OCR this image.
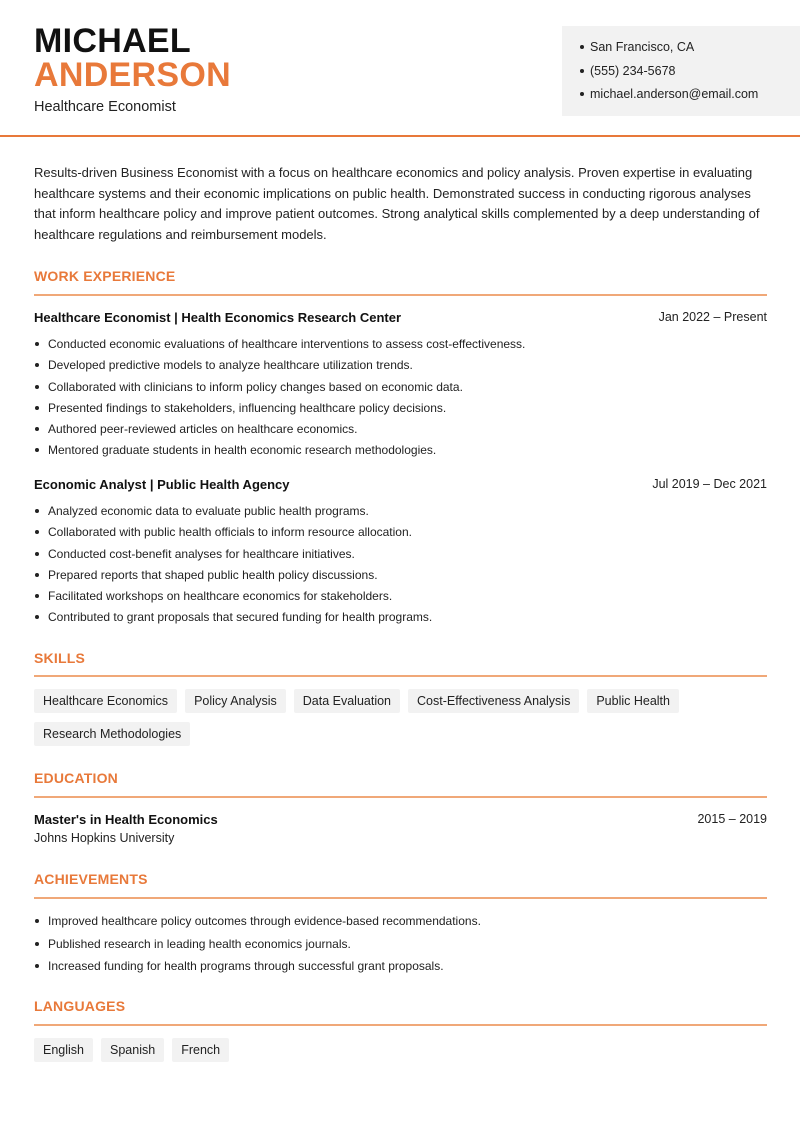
MICHAEL
ANDERSON
Healthcare Economist
San Francisco, CA
(555) 234-5678
michael.anderson@email.com

Results-driven Business Economist with a focus on healthcare economics and policy analysis. Proven expertise in evaluating healthcare systems and their economic implications on public health. Demonstrated success in conducting rigorous analyses that inform healthcare policy and improve patient outcomes. Strong analytical skills complemented by a deep understanding of healthcare regulations and reimbursement models.

WORK EXPERIENCE
Healthcare Economist | Health Economics Research Center	Jan 2022 – Present
Conducted economic evaluations of healthcare interventions to assess cost-effectiveness.
Developed predictive models to analyze healthcare utilization trends.
Collaborated with clinicians to inform policy changes based on economic data.
Presented findings to stakeholders, influencing healthcare policy decisions.
Authored peer-reviewed articles on healthcare economics.
Mentored graduate students in health economic research methodologies.
Economic Analyst | Public Health Agency	Jul 2019 – Dec 2021
Analyzed economic data to evaluate public health programs.
Collaborated with public health officials to inform resource allocation.
Conducted cost-benefit analyses for healthcare initiatives.
Prepared reports that shaped public health policy discussions.
Facilitated workshops on healthcare economics for stakeholders.
Contributed to grant proposals that secured funding for health programs.
SKILLS
Healthcare Economics	Policy Analysis	Data Evaluation	Cost-Effectiveness Analysis	Public Health
Research Methodologies
EDUCATION
Master's in Health Economics	2015 – 2019
Johns Hopkins University
ACHIEVEMENTS
Improved healthcare policy outcomes through evidence-based recommendations.
Published research in leading health economics journals.
Increased funding for health programs through successful grant proposals.
LANGUAGES
English	Spanish	French
